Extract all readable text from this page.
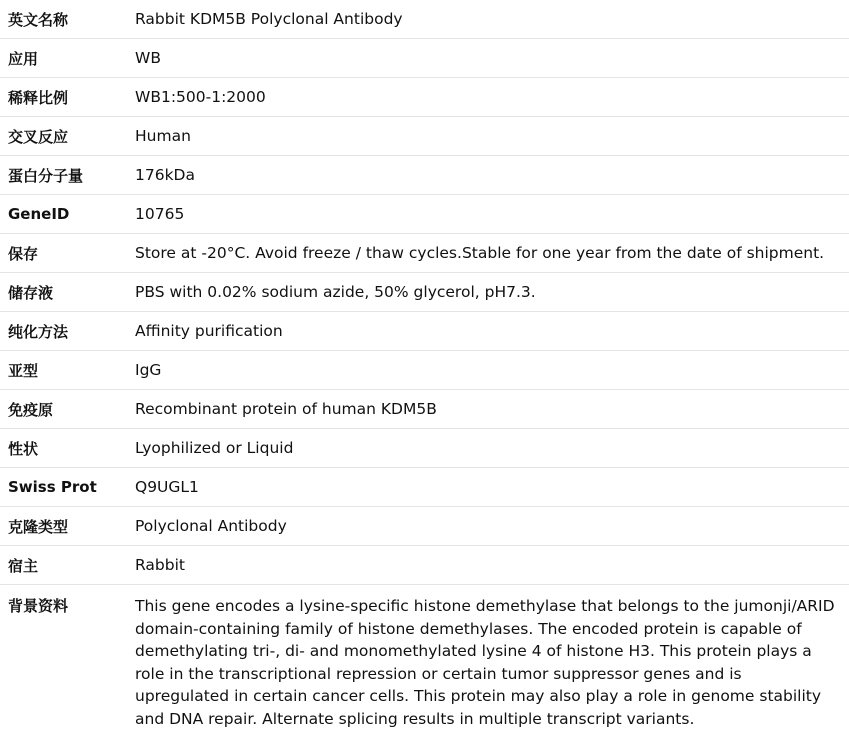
英文名称	Rabbit KDM5B Polyclonal Antibody
应用	WB
稀释比例	WB1:500-1:2000
交叉反应	Human
蛋白分子量	176kDa
GeneID	10765
保存	Store at -20°C. Avoid freeze / thaw cycles.Stable for one year from the date of shipment.
储存液	PBS with 0.02% sodium azide, 50% glycerol, pH7.3.
纯化方法	Affinity purification
亚型	IgG
免疫原	Recombinant protein of human KDM5B
性状	Lyophilized or Liquid
Swiss Prot	Q9UGL1
克隆类型	Polyclonal Antibody
宿主	Rabbit
背景资料	This gene encodes a lysine-specific histone demethylase that belongs to the jumonji/ARID domain-containing family of histone demethylases. The encoded protein is capable of demethylating tri-, di- and monomethylated lysine 4 of histone H3. This protein plays a role in the transcriptional repression or certain tumor suppressor genes and is upregulated in certain cancer cells. This protein may also play a role in genome stability and DNA repair. Alternate splicing results in multiple transcript variants.
